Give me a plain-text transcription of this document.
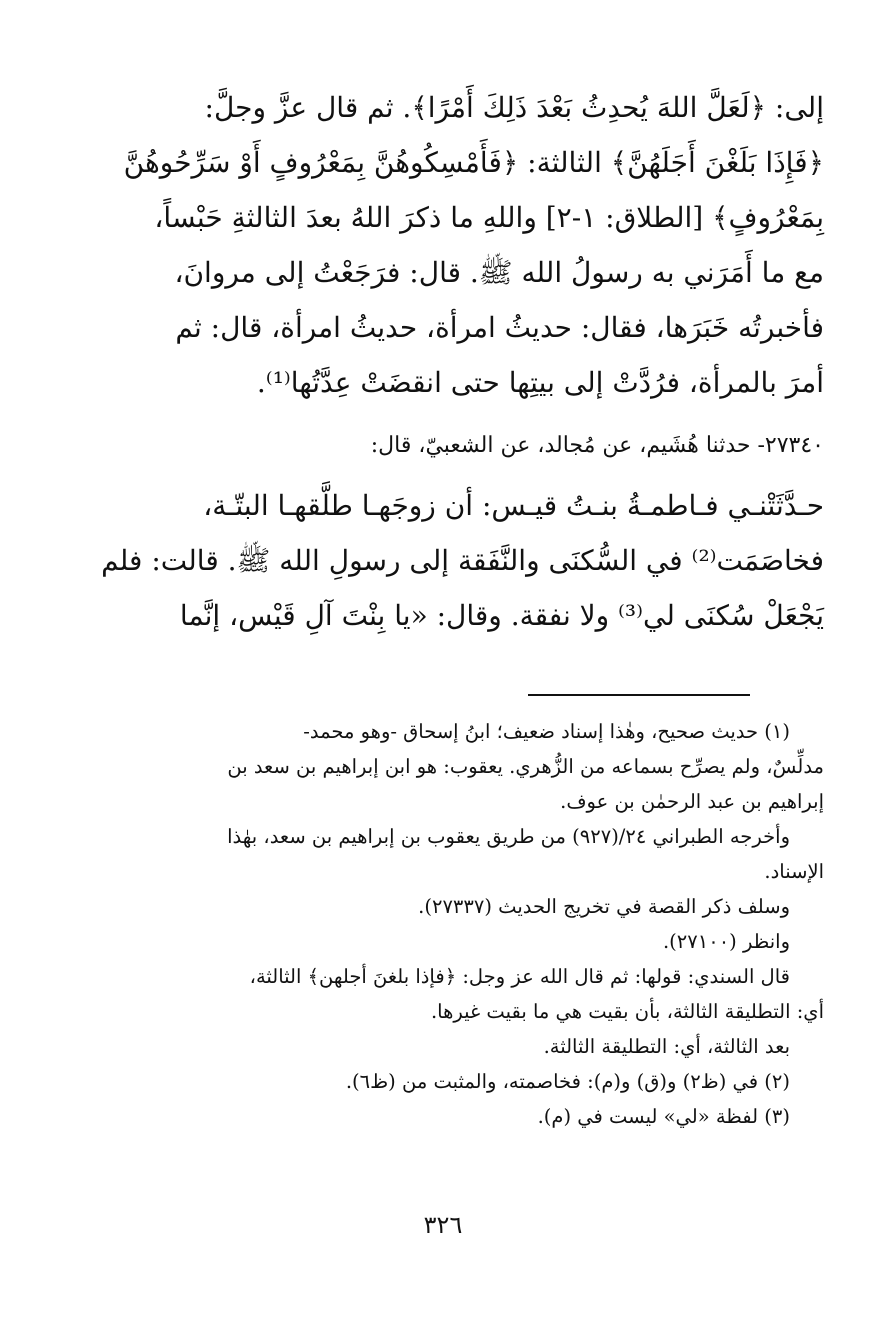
إلى: ﴿لَعَلَّ اللهَ يُحدِثُ بَعْدَ ذَلِكَ أَمْرًا﴾. ثم قال عزَّ وجلَّ:

﴿فَإِذَا بَلَغْنَ أَجَلَهُنَّ﴾ الثالثة: ﴿فَأَمْسِكُوهُنَّ بِمَعْرُوفٍ أَوْ سَرِّحُوهُنَّ

بِمَعْرُوفٍ﴾ [الطلاق: ١-٢] واللهِ ما ذكرَ اللهُ بعدَ الثالثةِ حَبْساً،

مع ما أَمَرَني به رسولُ الله ﷺ. قال: فرَجَعْتُ إلى مروانَ،

فأخبرتُه خَبَرَها، فقال: حديثُ امرأة، حديثُ امرأة، قال: ثم

أمرَ بالمرأة، فرُدَّتْ إلى بيتِها حتى انقضَتْ عِدَّتُها⁽¹⁾.

٢٧٣٤٠- حدثنا هُشَيم، عن مُجالد، عن الشعبيّ، قال:

حـدَّثَتْنـي فـاطمـةُ بنـتُ قيـس: أن زوجَهـا طلَّقهـا البتّـة،

فخاصَمَت⁽²⁾ في السُّكنَى والنَّفَقة إلى رسولِ الله ﷺ. قالت: فلم

يَجْعَلْ سُكنَى لي⁽³⁾ ولا نفقة. وقال: «يا بِنْتَ آلِ قَيْس، إنَّما

(١) حديث صحيح، وهٰذا إسناد ضعيف؛ ابنُ إسحاق -وهو محمد-

مدلِّسٌ، ولم يصرِّح بسماعه من الزُّهري. يعقوب: هو ابن إبراهيم بن سعد بن

إبراهيم بن عبد الرحمٰن بن عوف.

وأخرجه الطبراني ٢٤/(٩٢٧) من طريق يعقوب بن إبراهيم بن سعد، بهٰذا

الإسناد.

وسلف ذكر القصة في تخريج الحديث (٢٧٣٣٧).

وانظر (٢٧١٠٠).

قال السندي: قولها: ثم قال الله عز وجل: ﴿فإذا بلغنَ أجلهن﴾ الثالثة،

أي: التطليقة الثالثة، بأن بقيت هي ما بقيت غيرها.

بعد الثالثة، أي: التطليقة الثالثة.

(٢) في (ظ٢) و(ق) و(م): فخاصمته، والمثبت من (ظ٦).

(٣) لفظة «لي» ليست في (م).

٣٢٦
